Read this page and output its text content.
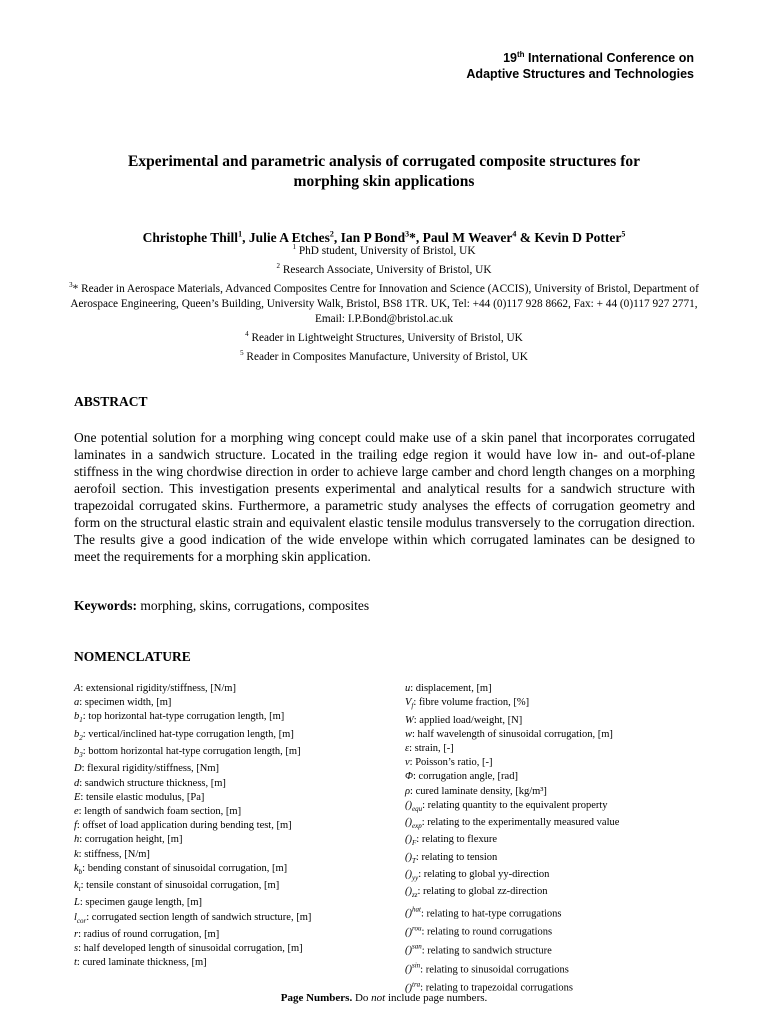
19th International Conference on
Adaptive Structures and Technologies
Experimental and parametric analysis of corrugated composite structures for
morphing skin applications
Christophe Thill$^1$, Julie A Etches$^2$, Ian P Bond$^3$*, Paul M Weaver$^4$ & Kevin D Potter$^5$
$^1$ PhD student, University of Bristol, UK
$^2$ Research Associate, University of Bristol, UK
$^3$* Reader in Aerospace Materials, Advanced Composites Centre for Innovation and Science (ACCIS), University of Bristol, Department of Aerospace Engineering, Queen’s Building, University Walk, Bristol, BS8 1TR. UK, Tel: +44 (0)117 928 8662, Fax: + 44 (0)117 927 2771, Email: I.P.Bond@bristol.ac.uk
$^4$ Reader in Lightweight Structures, University of Bristol, UK
$^5$ Reader in Composites Manufacture, University of Bristol, UK
ABSTRACT
One potential solution for a morphing wing concept could make use of a skin panel that incorporates corrugated laminates in a sandwich structure. Located in the trailing edge region it would have low in- and out-of-plane stiffness in the wing chordwise direction in order to achieve large camber and chord length changes on a morphing aerofoil section. This investigation presents experimental and analytical results for a sandwich structure with trapezoidal corrugated skins. Furthermore, a parametric study analyses the effects of corrugation geometry and form on the structural elastic strain and equivalent elastic tensile modulus transversely to the corrugation direction. The results give a good indication of the wide envelope within which corrugated laminates can be designed to meet the requirements for a morphing skin application.
Keywords: morphing, skins, corrugations, composites
NOMENCLATURE
A: extensional rigidity/stiffness, [N/m]
a: specimen width, [m]
$b_1$: top horizontal hat-type corrugation length, [m]
$b_2$: vertical/inclined hat-type corrugation length, [m]
$b_3$: bottom horizontal hat-type corrugation length, [m]
D: flexural rigidity/stiffness, [Nm]
d: sandwich structure thickness, [m]
E: tensile elastic modulus, [Pa]
e: length of sandwich foam section, [m]
f: offset of load application during bending test, [m]
h: corrugation height, [m]
k: stiffness, [N/m]
$k_b$: bending constant of sinusoidal corrugation, [m]
$k_t$: tensile constant of sinusoidal corrugation, [m]
L: specimen gauge length, [m]
$l_{cor}$: corrugated section length of sandwich structure, [m]
r: radius of round corrugation, [m]
s: half developed length of sinusoidal corrugation, [m]
t: cured laminate thickness, [m]
u: displacement, [m]
$V_f$: fibre volume fraction, [%]
W: applied load/weight, [N]
w: half wavelength of sinusoidal corrugation, [m]
ε: strain, [-]
ν: Poisson’s ratio, [-]
Φ: corrugation angle, [rad]
ρ: cured laminate density, [kg/m³]
$()_{equ}$: relating quantity to the equivalent property
$()_{exp}$: relating to the experimentally measured value
$()_F$: relating to flexure
$()_T$: relating to tension
$()_{yy}$: relating to global yy-direction
$()_{zz}$: relating to global zz-direction
()$^{hat}$: relating to hat-type corrugations
()$^{rou}$: relating to round corrugations
()$^{san}$: relating to sandwich structure
()$^{sin}$: relating to sinusoidal corrugations
()$^{tra}$: relating to trapezoidal corrugations
Page Numbers. Do not include page numbers.
